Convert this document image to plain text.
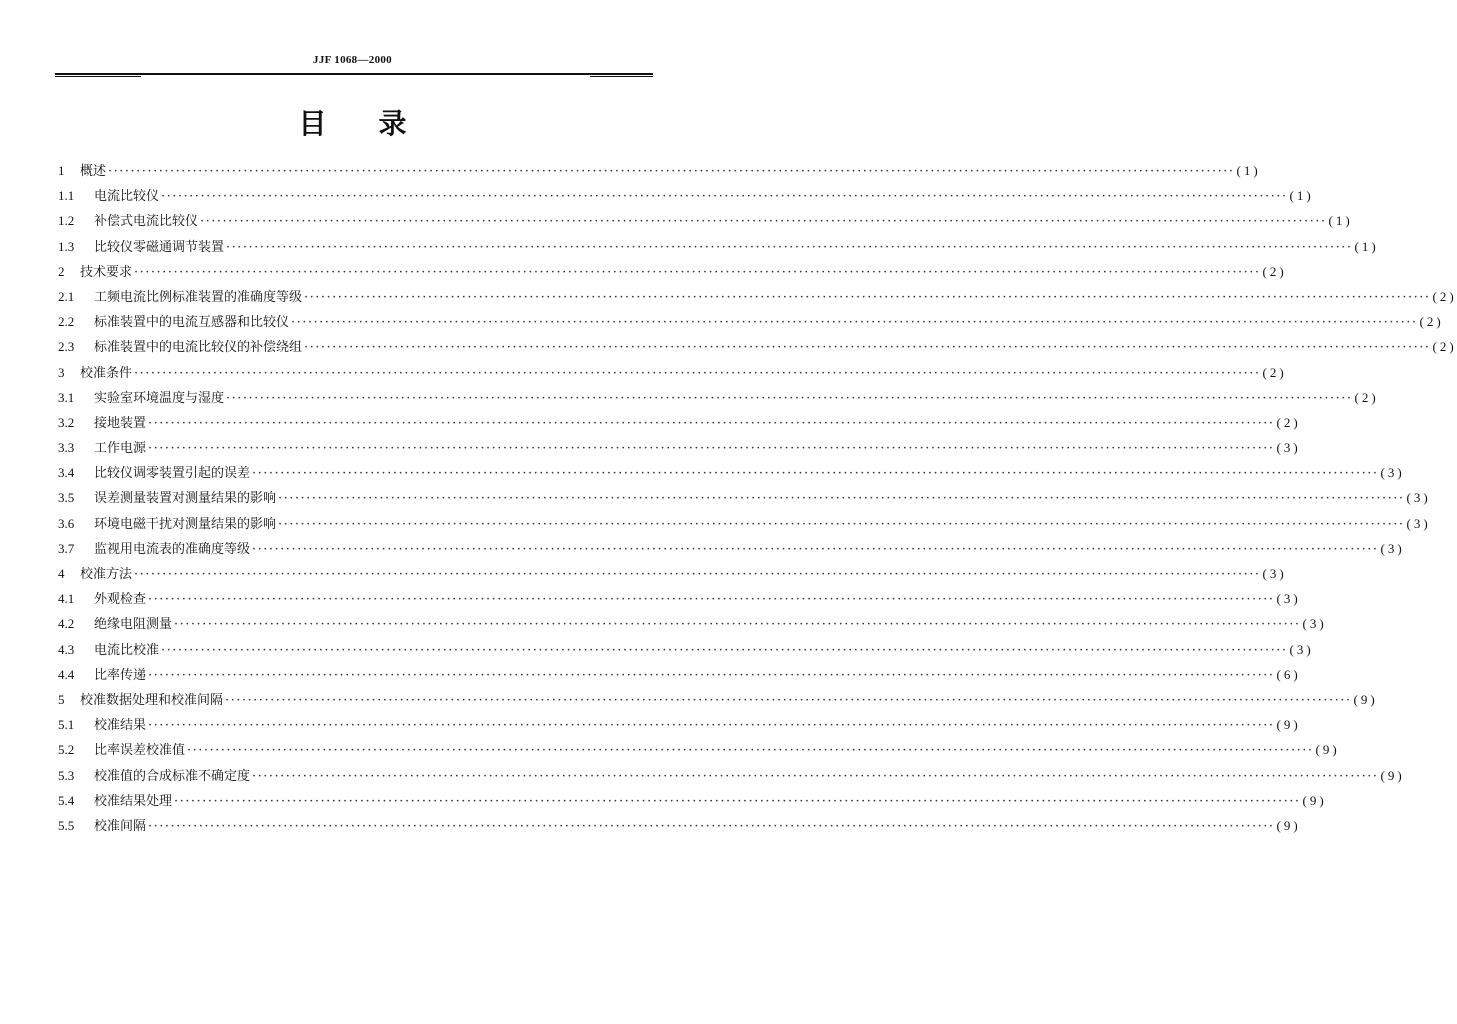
JJF 1068—2000
目录
1	概述 ········································································································································································································ (1)
1.1	电流比较仪 ········································································································································································································ (1)
1.2	补偿式电流比较仪 ········································································································································································································ (1)
1.3	比较仪零磁通调节装置 ········································································································································································································ (1)
2	技术要求 ········································································································································································································ (2)
2.1	工频电流比例标准装置的准确度等级 ········································································································································································································ (2)
2.2	标准装置中的电流互感器和比较仪 ········································································································································································································ (2)
2.3	标准装置中的电流比较仪的补偿绕组 ········································································································································································································ (2)
3	校准条件 ········································································································································································································ (2)
3.1	实验室环境温度与湿度 ········································································································································································································ (2)
3.2	接地装置 ········································································································································································································ (2)
3.3	工作电源 ········································································································································································································ (3)
3.4	比较仪调零装置引起的误差 ········································································································································································································ (3)
3.5	误差测量装置对测量结果的影响 ········································································································································································································ (3)
3.6	环境电磁干扰对测量结果的影响 ········································································································································································································ (3)
3.7	监视用电流表的准确度等级 ········································································································································································································ (3)
4	校准方法 ········································································································································································································ (3)
4.1	外观检查 ········································································································································································································ (3)
4.2	绝缘电阻测量 ········································································································································································································ (3)
4.3	电流比校准 ········································································································································································································ (3)
4.4	比率传递 ········································································································································································································ (6)
5	校准数据处理和校准间隔 ········································································································································································································ (9)
5.1	校准结果 ········································································································································································································ (9)
5.2	比率误差校准值 ········································································································································································································ (9)
5.3	校准值的合成标准不确定度 ········································································································································································································ (9)
5.4	校准结果处理 ········································································································································································································ (9)
5.5	校准间隔 ········································································································································································································ (9)
